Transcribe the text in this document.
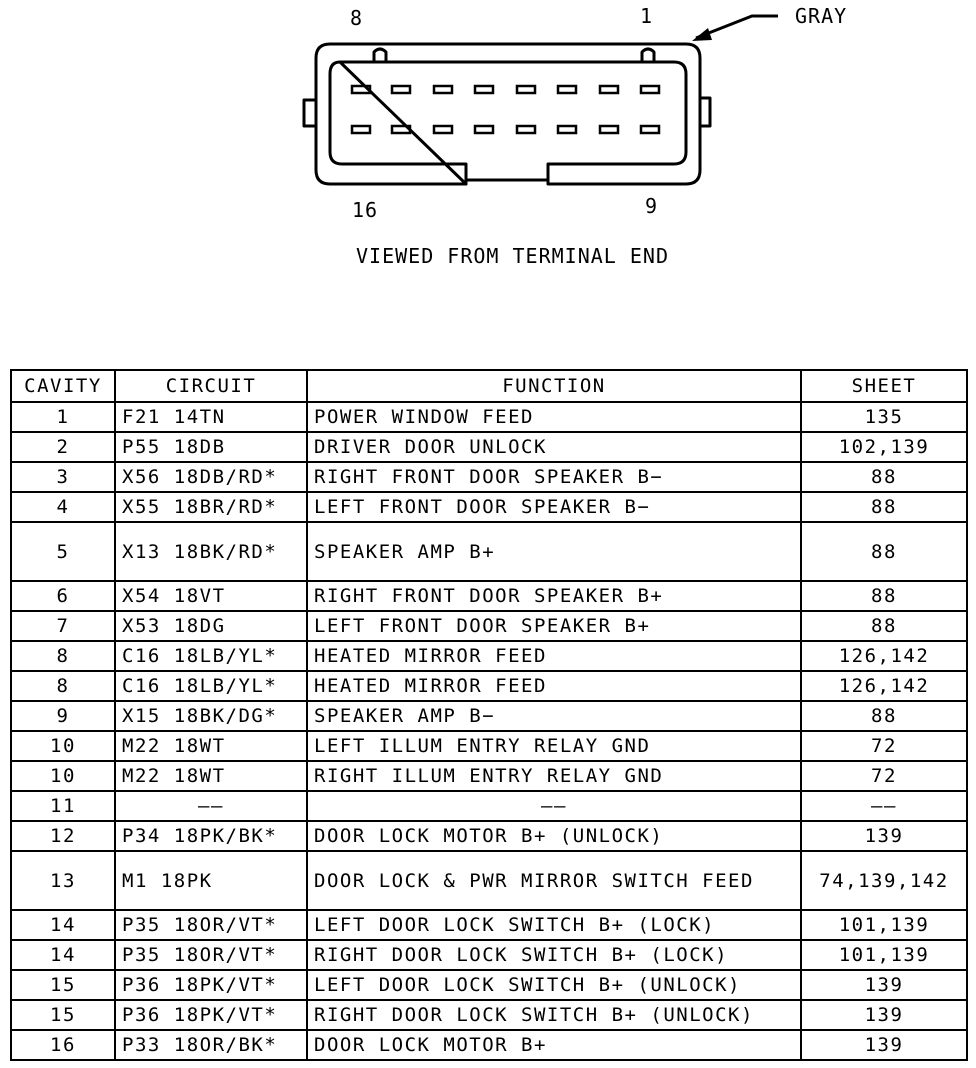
8	1	GRAY
16	9
VIEWED FROM TERMINAL END
CAVITY	CIRCUIT	FUNCTION	SHEET
1	F21 14TN	POWER WINDOW FEED	135
2	P55 18DB	DRIVER DOOR UNLOCK	102,139
3	X56 18DB/RD*	RIGHT FRONT DOOR SPEAKER B−	88
4	X55 18BR/RD*	LEFT FRONT DOOR SPEAKER B−	88
5	X13 18BK/RD*	SPEAKER AMP B+	88
6	X54 18VT	RIGHT FRONT DOOR SPEAKER B+	88
7	X53 18DG	LEFT FRONT DOOR SPEAKER B+	88
8	C16 18LB/YL*	HEATED MIRROR FEED	126,142
8	C16 18LB/YL*	HEATED MIRROR FEED	126,142
9	X15 18BK/DG*	SPEAKER AMP B−	88
10	M22 18WT	LEFT ILLUM ENTRY RELAY GND	72
10	M22 18WT	RIGHT ILLUM ENTRY RELAY GND	72
11	——	——	——
12	P34 18PK/BK*	DOOR LOCK MOTOR B+ (UNLOCK)	139
13	M1 18PK	DOOR LOCK & PWR MIRROR SWITCH FEED	74,139,142
14	P35 18OR/VT*	LEFT DOOR LOCK SWITCH B+ (LOCK)	101,139
14	P35 18OR/VT*	RIGHT DOOR LOCK SWITCH B+ (LOCK)	101,139
15	P36 18PK/VT*	LEFT DOOR LOCK SWITCH B+ (UNLOCK)	139
15	P36 18PK/VT*	RIGHT DOOR LOCK SWITCH B+ (UNLOCK)	139
16	P33 18OR/BK*	DOOR LOCK MOTOR B+	139
